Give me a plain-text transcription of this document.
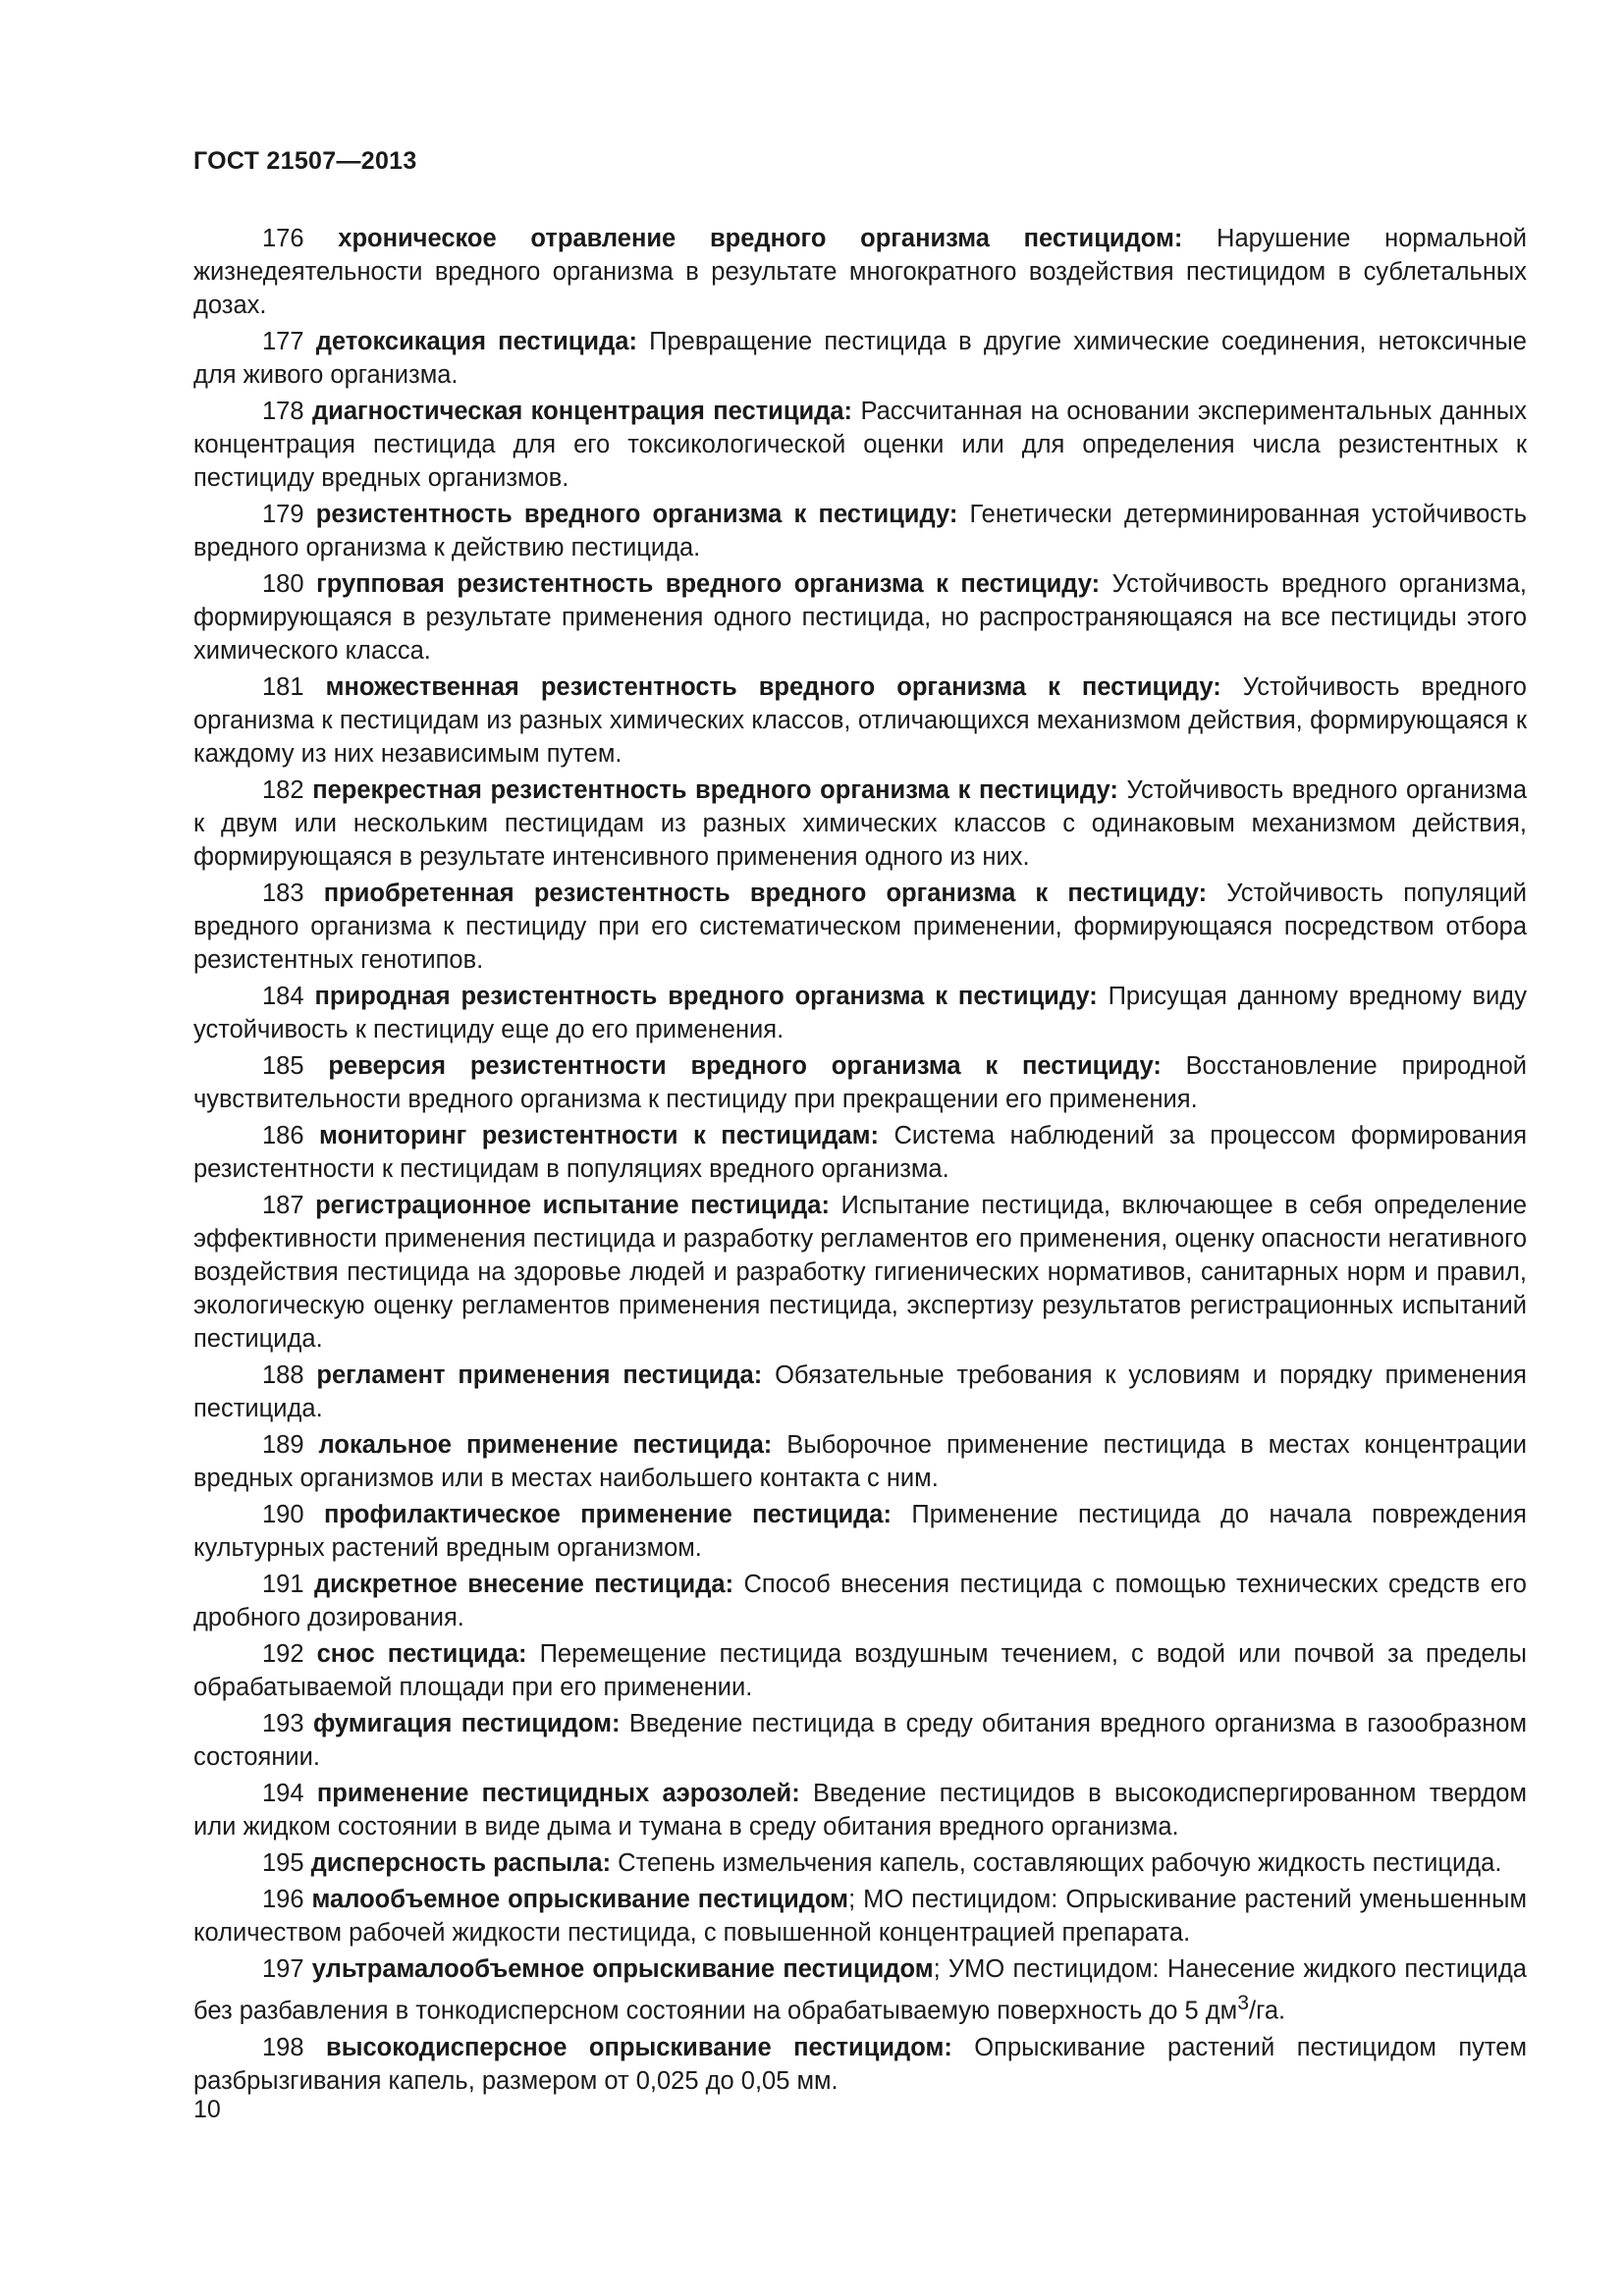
ГОСТ 21507—2013

176 хроническое отравление вредного организма пестицидом: Нарушение нормальной жизнедеятельности вредного организма в результате многократного воздействия пестицидом в сублетальных дозах.

177 детоксикация пестицида: Превращение пестицида в другие химические соединения, нетоксичные для живого организма.

178 диагностическая концентрация пестицида: Рассчитанная на основании экспериментальных данных концентрация пестицида для его токсикологической оценки или для определения числа резистентных к пестициду вредных организмов.

179 резистентность вредного организма к пестициду: Генетически детерминированная устойчивость вредного организма к действию пестицида.

180 групповая резистентность вредного организма к пестициду: Устойчивость вредного организма, формирующаяся в результате применения одного пестицида, но распространяющаяся на все пестициды этого химического класса.

181 множественная резистентность вредного организма к пестициду: Устойчивость вредного организма к пестицидам из разных химических классов, отличающихся механизмом действия, формирующаяся к каждому из них независимым путем.

182 перекрестная резистентность вредного организма к пестициду: Устойчивость вредного организма к двум или нескольким пестицидам из разных химических классов с одинаковым механизмом действия, формирующаяся в результате интенсивного применения одного из них.

183 приобретенная резистентность вредного организма к пестициду: Устойчивость популяций вредного организма к пестициду при его систематическом применении, формирующаяся посредством отбора резистентных генотипов.

184 природная резистентность вредного организма к пестициду: Присущая данному вредному виду устойчивость к пестициду еще до его применения.

185 реверсия резистентности вредного организма к пестициду: Восстановление природной чувствительности вредного организма к пестициду при прекращении его применения.

186 мониторинг резистентности к пестицидам: Система наблюдений за процессом формирования резистентности к пестицидам в популяциях вредного организма.

187 регистрационное испытание пестицида: Испытание пестицида, включающее в себя определение эффективности применения пестицида и разработку регламентов его применения, оценку опасности негативного воздействия пестицида на здоровье людей и разработку гигиенических нормативов, санитарных норм и правил, экологическую оценку регламентов применения пестицида, экспертизу результатов регистрационных испытаний пестицида.

188 регламент применения пестицида: Обязательные требования к условиям и порядку применения пестицида.

189 локальное применение пестицида: Выборочное применение пестицида в местах концентрации вредных организмов или в местах наибольшего контакта с ним.

190 профилактическое применение пестицида: Применение пестицида до начала повреждения культурных растений вредным организмом.

191 дискретное внесение пестицида: Способ внесения пестицида с помощью технических средств его дробного дозирования.

192 снос пестицида: Перемещение пестицида воздушным течением, с водой или почвой за пределы обрабатываемой площади при его применении.

193 фумигация пестицидом: Введение пестицида в среду обитания вредного организма в газообразном состоянии.

194 применение пестицидных аэрозолей: Введение пестицидов в высокодиспергированном твердом или жидком состоянии в виде дыма и тумана в среду обитания вредного организма.

195 дисперсность распыла: Степень измельчения капель, составляющих рабочую жидкость пестицида.

196 малообъемное опрыскивание пестицидом; МО пестицидом: Опрыскивание растений уменьшенным количеством рабочей жидкости пестицида, с повышенной концентрацией препарата.

197 ультрамалообъемное опрыскивание пестицидом; УМО пестицидом: Нанесение жидкого пестицида без разбавления в тонкодисперсном состоянии на обрабатываемую поверхность до 5 $дм^3/га$.

198 высокодисперсное опрыскивание пестицидом: Опрыскивание растений пестицидом путем разбрызгивания капель, размером от 0,025 до 0,05 мм.

10
